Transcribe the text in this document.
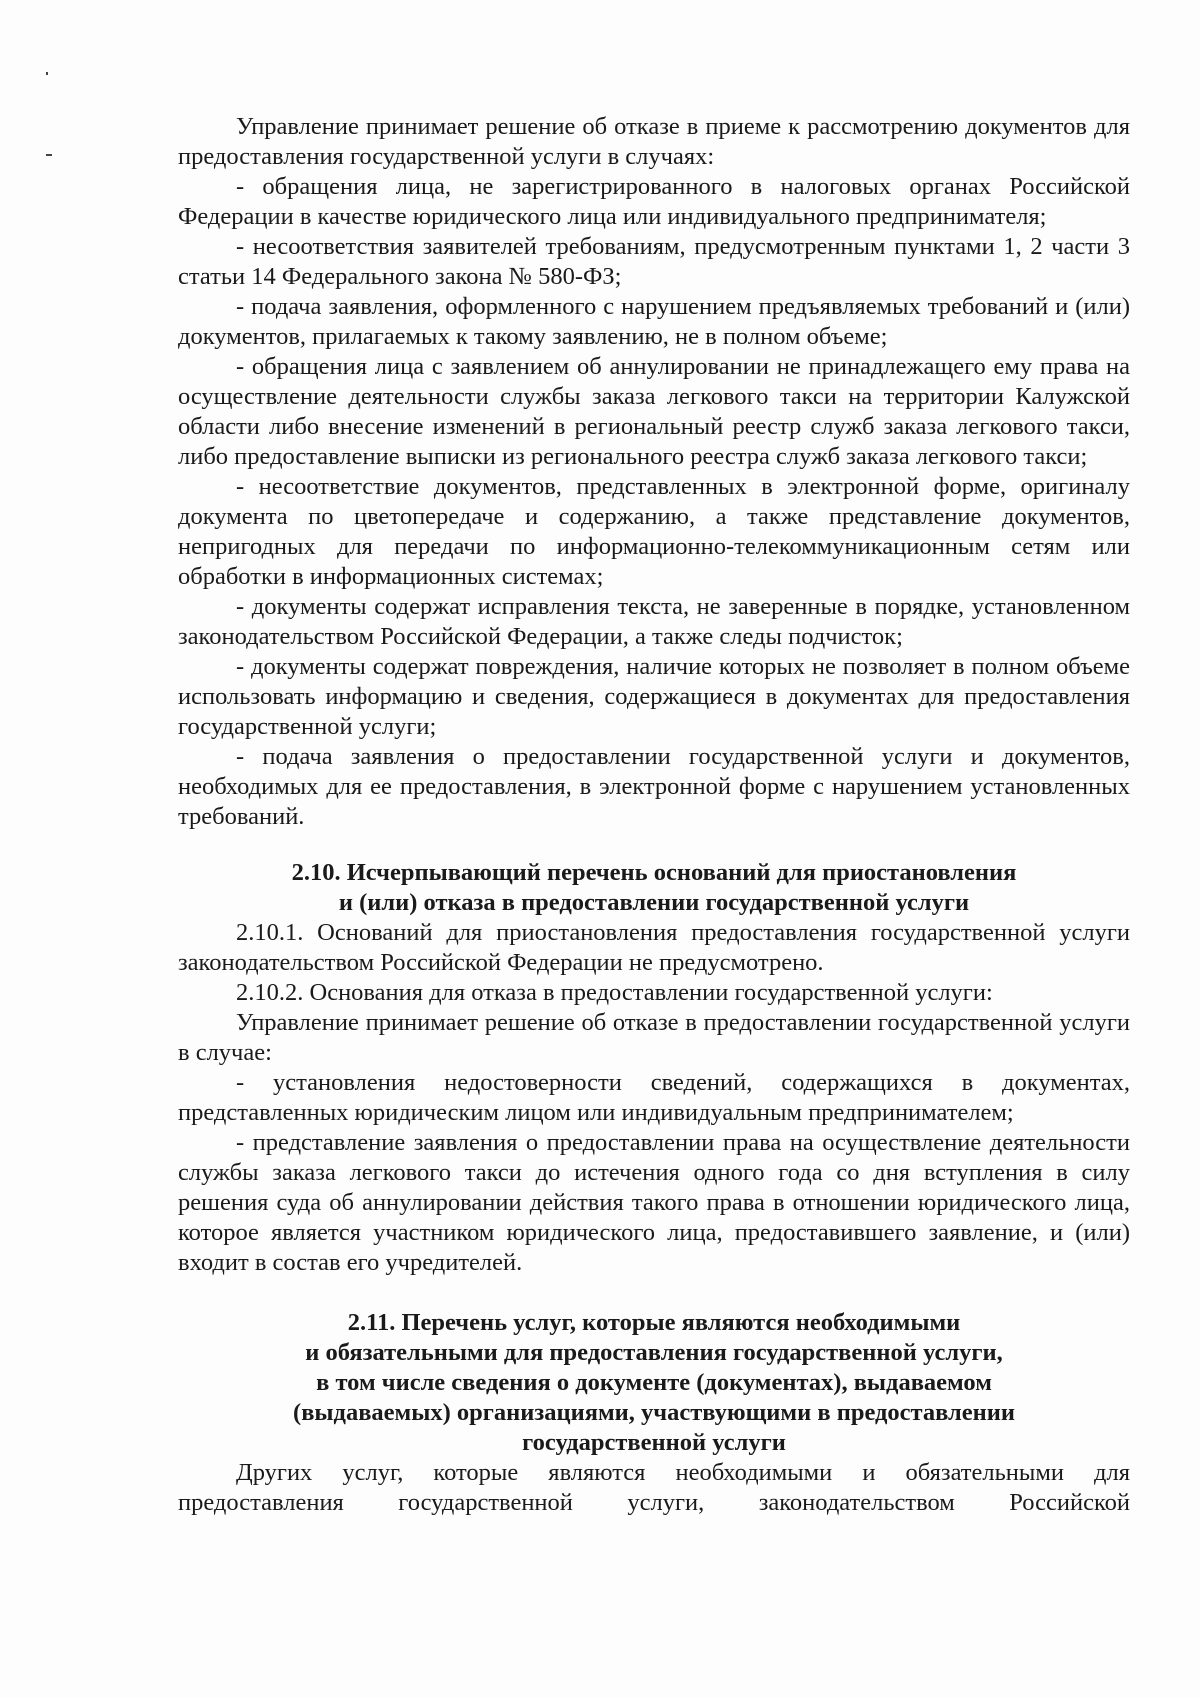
Управление принимает решение об отказе в приеме к рассмотрению документов для предоставления государственной услуги в случаях:

- обращения лица, не зарегистрированного в налоговых органах Российской Федерации в качестве юридического лица или индивидуального предпринимателя;

- несоответствия заявителей требованиям, предусмотренным пунктами 1, 2 части 3 статьи 14 Федерального закона № 580-ФЗ;

- подача заявления, оформленного с нарушением предъявляемых требований и (или) документов, прилагаемых к такому заявлению, не в полном объеме;

- обращения лица с заявлением об аннулировании не принадлежащего ему права на осуществление деятельности службы заказа легкового такси на территории Калужской области либо внесение изменений в региональный реестр служб заказа легкового такси, либо предоставление выписки из регионального реестра служб заказа легкового такси;

- несоответствие документов, представленных в электронной форме, оригиналу документа по цветопередаче и содержанию, а также представление документов, непригодных для передачи по информационно-телекоммуникационным сетям или обработки в информационных системах;

- документы содержат исправления текста, не заверенные в порядке, установленном законодательством Российской Федерации, а также следы подчисток;

- документы содержат повреждения, наличие которых не позволяет в полном объеме использовать информацию и сведения, содержащиеся в документах для предоставления государственной услуги;

- подача заявления о предоставлении государственной услуги и документов, необходимых для ее предоставления, в электронной форме с нарушением установленных требований.

2.10. Исчерпывающий перечень оснований для приостановления

и (или) отказа в предоставлении государственной услуги

2.10.1. Оснований для приостановления предоставления государственной услуги законодательством Российской Федерации не предусмотрено.

2.10.2. Основания для отказа в предоставлении государственной услуги:

Управление принимает решение об отказе в предоставлении государственной услуги в случае:

- установления недостоверности сведений, содержащихся в документах, представленных юридическим лицом или индивидуальным предпринимателем;

- представление заявления о предоставлении права на осуществление деятельности службы заказа легкового такси до истечения одного года со дня вступления в силу решения суда об аннулировании действия такого права в отношении юридического лица, которое является участником юридического лица, предоставившего заявление, и (или) входит в состав его учредителей.

2.11. Перечень услуг, которые являются необходимыми

и обязательными для предоставления государственной услуги,

в том числе сведения о документе (документах), выдаваемом

(выдаваемых) организациями, участвующими в предоставлении

государственной услуги

Других услуг, которые являются необходимыми и обязательными для предоставления государственной услуги, законодательством Российской
